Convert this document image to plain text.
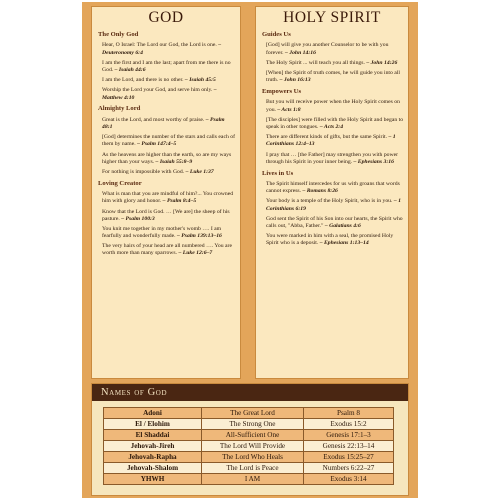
GOD
The Only God
Hear, O Israel: The Lord our God, the Lord is one. – Deuteronomy 6:4
I am the first and I am the last; apart from me there is no God. – Isaiah 44:6
I am the Lord, and there is no other. – Isaiah 45:5
Worship the Lord your God, and serve him only. – Matthew 4:10
Almighty Lord
Great is the Lord, and most worthy of praise. – Psalm 48:1
[God] determines the number of the stars and calls each of them by name. – Psalm 147:4–5
As the heavens are higher than the earth, so are my ways higher than your ways. – Isaiah 55:8–9
For nothing is impossible with God. – Luke 1:37
Loving Creator
What is man that you are mindful of him?... You crowned him with glory and honor. – Psalm 8:4–5
Know that the Lord is God. … [We are] the sheep of his pasture. – Psalm 100:3
You knit me together in my mother's womb …. I am fearfully and wonderfully made. – Psalm 139:13–16
The very hairs of your head are all numbered …. You are worth more than many sparrows. – Luke 12:6–7
HOLY SPIRIT
Guides Us
[God] will give you another Counselor to be with you forever. – John 14:16
The Holy Spirit ... will teach you all things. – John 14:26
[When] the Spirit of truth comes, he will guide you into all truth. – John 16:13
Empowers Us
But you will receive power when the Holy Spirit comes on you. – Acts 1:8
[The disciples] were filled with the Holy Spirit and began to speak in other tongues. – Acts 2:4
There are different kinds of gifts, but the same Spirit. – 1 Corinthians 12:4–13
I pray that … [the Father] may strengthen you with power through his Spirit in your inner being. – Ephesians 3:16
Lives in Us
The Spirit himself intercedes for us with groans that words cannot express. – Romans 8:26
Your body is a temple of the Holy Spirit, who is in you. – 1 Corinthians 6:19
God sent the Spirit of his Son into our hearts, the Spirit who calls out, "Abba, Father." – Galatians 4:6
You were marked in him with a seal, the promised Holy Spirit who is a deposit. – Ephesians 1:13–14
Names of God
Adoni	The Great Lord	Psalm 8
El / Elohim	The Strong One	Exodus 15:2
El Shaddai	All-Sufficient One	Genesis 17:1–3
Jehovah-Jireh	The Lord Will Provide	Genesis 22:13–14
Jehovah-Rapha	The Lord Who Heals	Exodus 15:25–27
Jehovah-Shalom	The Lord is Peace	Numbers 6:22–27
YHWH	I AM	Exodus 3:14
